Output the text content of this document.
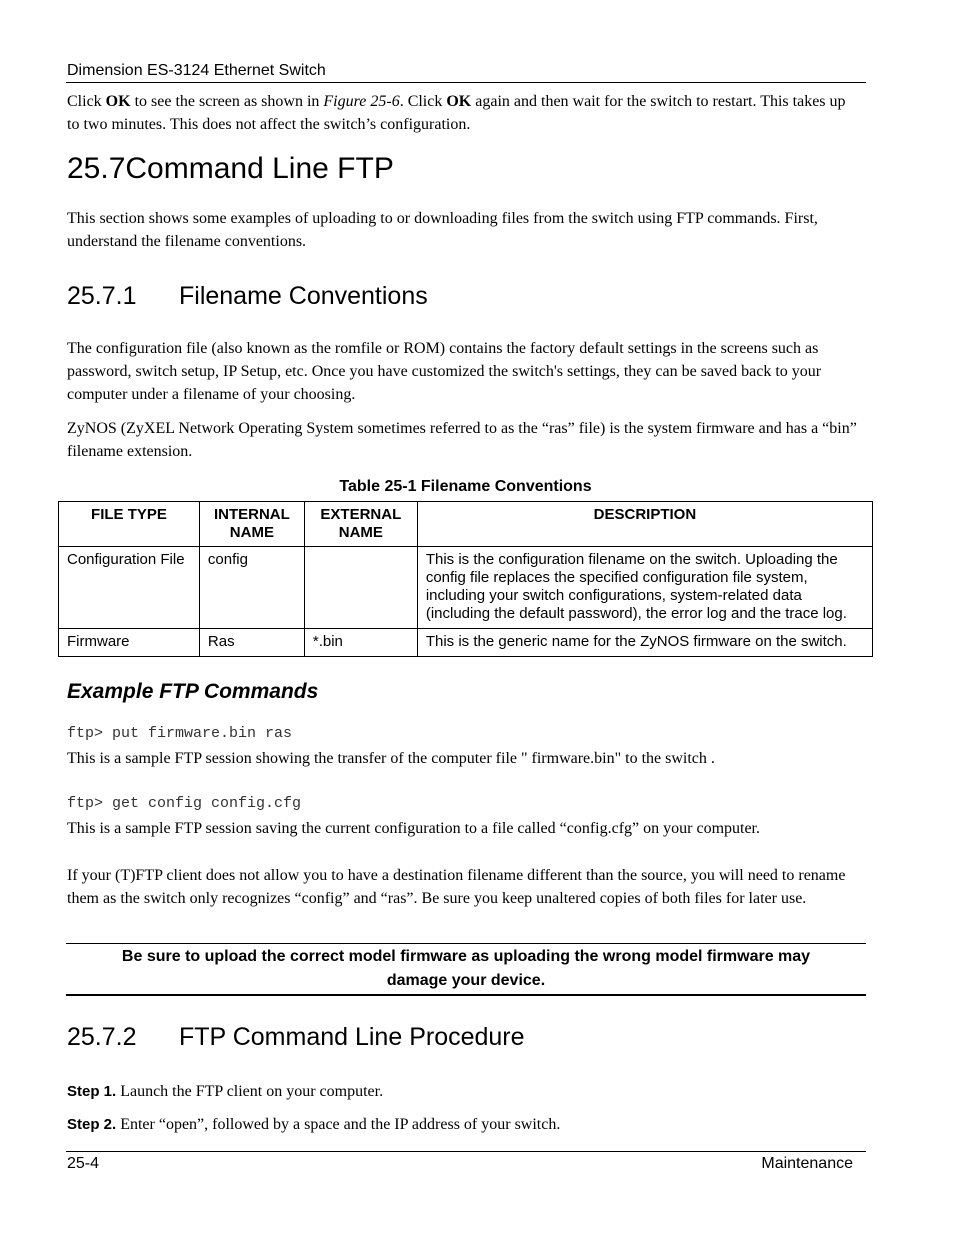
Dimension ES-3124 Ethernet Switch
Click OK to see the screen as shown in Figure 25-6. Click OK again and then wait for the switch to restart. This takes up to two minutes. This does not affect the switch’s configuration.
25.7Command Line FTP
This section shows some examples of uploading to or downloading files from the switch using FTP commands. First, understand the filename conventions.
25.7.1 Filename Conventions
The configuration file (also known as the romfile or ROM) contains the factory default settings in the screens such as password, switch setup, IP Setup, etc. Once you have customized the switch's settings, they can be saved back to your computer under a filename of your choosing.
ZyNOS (ZyXEL Network Operating System sometimes referred to as the “ras” file) is the system firmware and has a “bin” filename extension.
Table 25-1 Filename Conventions
FILE TYPE	INTERNAL NAME	EXTERNAL NAME	DESCRIPTION
Configuration File	config		This is the configuration filename on the switch. Uploading the config file replaces the specified configuration file system, including your switch configurations, system-related data (including the default password), the error log and the trace log.
Firmware	Ras	*.bin	This is the generic name for the ZyNOS firmware on the switch.
Example FTP Commands
ftp> put firmware.bin ras
This is a sample FTP session showing the transfer of the computer file " firmware.bin" to the switch .
ftp> get config config.cfg
This is a sample FTP session saving the current configuration to a file called “config.cfg” on your computer.
If your (T)FTP client does not allow you to have a destination filename different than the source, you will need to rename them as the switch only recognizes “config” and “ras”. Be sure you keep unaltered copies of both files for later use.
Be sure to upload the correct model firmware as uploading the wrong model firmware may
damage your device.
25.7.2 FTP Command Line Procedure
Step 1. Launch the FTP client on your computer.
Step 2. Enter “open”, followed by a space and the IP address of your switch.
25-4	Maintenance
